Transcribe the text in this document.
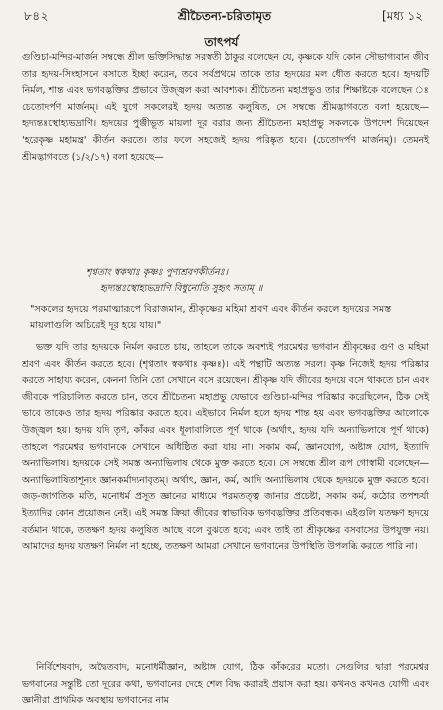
৮৪২	শ্রীচৈতন্য-চরিতামৃত	[মধ্য ১২
তাৎপর্য
গুণ্ডিচা-মন্দির-মার্জন সম্বন্ধে শ্রীল ভক্তিসিদ্ধান্ত সরস্বতী ঠাকুর বলেছেন যে, কৃষ্ণকে যদি কোন সৌভাগ্যবান জীব তার হৃদয়-সিংহাসনে বসাতে ইচ্ছা করেন, তবে সর্বপ্রথমে তাকে তার হৃদয়ের মল ধৌত করতে হবে। হৃদয়টি নির্মল, শান্ত এবং ভগবদ্ভক্তির প্রভাবে উজ্জ্বল করা আবশ্যক। শ্রীচৈতন্য মহাপ্রভুও তার শিক্ষাষ্টকে বলেছেন ঃ চেতোদর্পণ মার্জনম্। এই যুগে সকলেরই হৃদয় অত্যন্ত কলুষিত, সে সম্বন্ধে শ্রীমদ্ভাগবতে বলা হয়েছে—হৃদ্যন্তঃস্থোহ্যভদ্রাণি। হৃদয়ের পুঞ্জীভূত মায়লা দূর বরার জন্য শ্রীচৈতন্য মহাপ্রভু সকলকে উপদেশ দিয়েছেন 'হরেকৃষ্ণ মহামন্ত্র' কীর্তন করতে। তার ফলে সহজেই হৃদয় পরিষ্কৃত হবে। (চেতোদর্পণ মার্জনম্)। তেমনই শ্রীমদ্ভাগবতে (১/২/১৭) বলা হয়েছে—
শৃণ্বতাং স্বকথাঃ কৃষ্ণঃ পুণ্যশ্রবণকীর্তনঃ।
হৃদ্যন্তঃস্থোহ্যভদ্রাণি বিধুনোতি সুহৃৎ সতাম্ ॥
"সকলের হৃদয়ে পরমাত্মারূপে বিরাজমান, শ্রীকৃষ্ণের মহিমা শ্রবণ এবং কীর্তন করলে হৃদয়ের সমস্ত মায়লাগুলি অচিরেই দূর হয়ে যায়।"
ভক্ত যদি তার হৃদয়কে নির্মল করতে চায়, তাহলে তাকে অবশ্যই পরমেশ্বর ভগবান শ্রীকৃষ্ণের গুণ ও মহিমা শ্রবণ এবং কীর্তন করতে হবে। (শৃণ্বতাং স্বকথাঃ কৃষ্ণঃ)। এই পন্থাটি অত্যন্ত সরল। কৃষ্ণ নিজেই হৃদয় পরিষ্কার করতে সাহায্য করেন, কেননা তিনি তো সেখানে বসে রয়েছেন। শ্রীকৃষ্ণ যদি জীবের হৃদয়ে বসে থাকতে চান এবং জীবকে পরিচালিত করতে চান, তবে শ্রীচৈতন্য মহাপ্রভু যেভাবে গুণ্ডিচা-মন্দির পরিষ্কার করেছিলেন, ঠিক সেই ভাবে তাকেও তার হৃদয় পরিষ্কার করতে হবে। এইভাবে নির্মল হলে হৃদয় শান্ত হয় এবং ভগবদ্ভক্তির আলোকে উজ্জ্বল হয়। হৃদয় যদি তৃণ, কাঁকর এবং ধূলাবালিতে পূর্ণ থাকে (অর্থাৎ, হৃদয় যদি অন্যাভিলাষে পূর্ণ থাকে) তাহলে পরমেশ্বর ভগবানকে সেখানে অধিষ্ঠিত করা যায় না। সকাম কর্ম, জ্ঞানযোগ, অষ্টাঙ্গ যোগ, ইত্যাদি অন্যাভিলাষ। হৃদয়কে সেই সমস্ত অন্যাভিলাষ থেকে মুক্ত করতে হবে। সে সম্বন্ধে শ্রীল রূপ গোস্বামী বলেছেন—অন্যাভিলাষিতাশূন্যং জ্ঞানকর্মাদ্যনাবৃতম্। অর্থাৎ, জ্ঞান, কর্ম, আদি অন্যাভিলাষ থেকে হৃদয়কে মুক্ত করতে হবে। জড়-জাগতিক মতি, মনোধর্ম প্রসূত জ্ঞানের মাধ্যমে পরমতত্ত্ব জানার প্রচেষ্টা, সকাম কর্ম, কঠোর তপশ্চর্যা ইত্যাদির কোন প্রয়োজন নেই। এই সমস্ত ক্রিয়া জীবের স্বাভাবিক ভগবদ্ভক্তির প্রতিবন্ধক। এইগুলি যতক্ষণ হৃদয়ে বর্তমান থাকে, ততক্ষণ হৃদয় কলুষিত আছে বলে বুঝতে হবে; এবং তাই তা শ্রীকৃষ্ণের বসবাসের উপযুক্ত নয়। আমাদের হৃদয় যতক্ষণ নির্মল না হচ্ছে, ততক্ষণ আমরা সেখানে ভগবানের উপস্থিতি উপলব্ধি করতে পারি না।
নির্বিশেষবাদ, অদ্বৈতবাদ, মনোধর্মীজ্ঞান, অষ্টাঙ্গ যোগ, ঠিক কাঁকরের মতো। সেগুলির দ্বারা পরমেশ্বর ভগবানের সন্তুষ্টি তো দূরের কথা, ভগবানের দেহে শেল বিদ্ধ করারই প্রয়াস করা হয়। কখনও কখনও যোগী এবং জ্ঞানীরা প্রাথমিক অবস্থায় ভগবানের নাম
